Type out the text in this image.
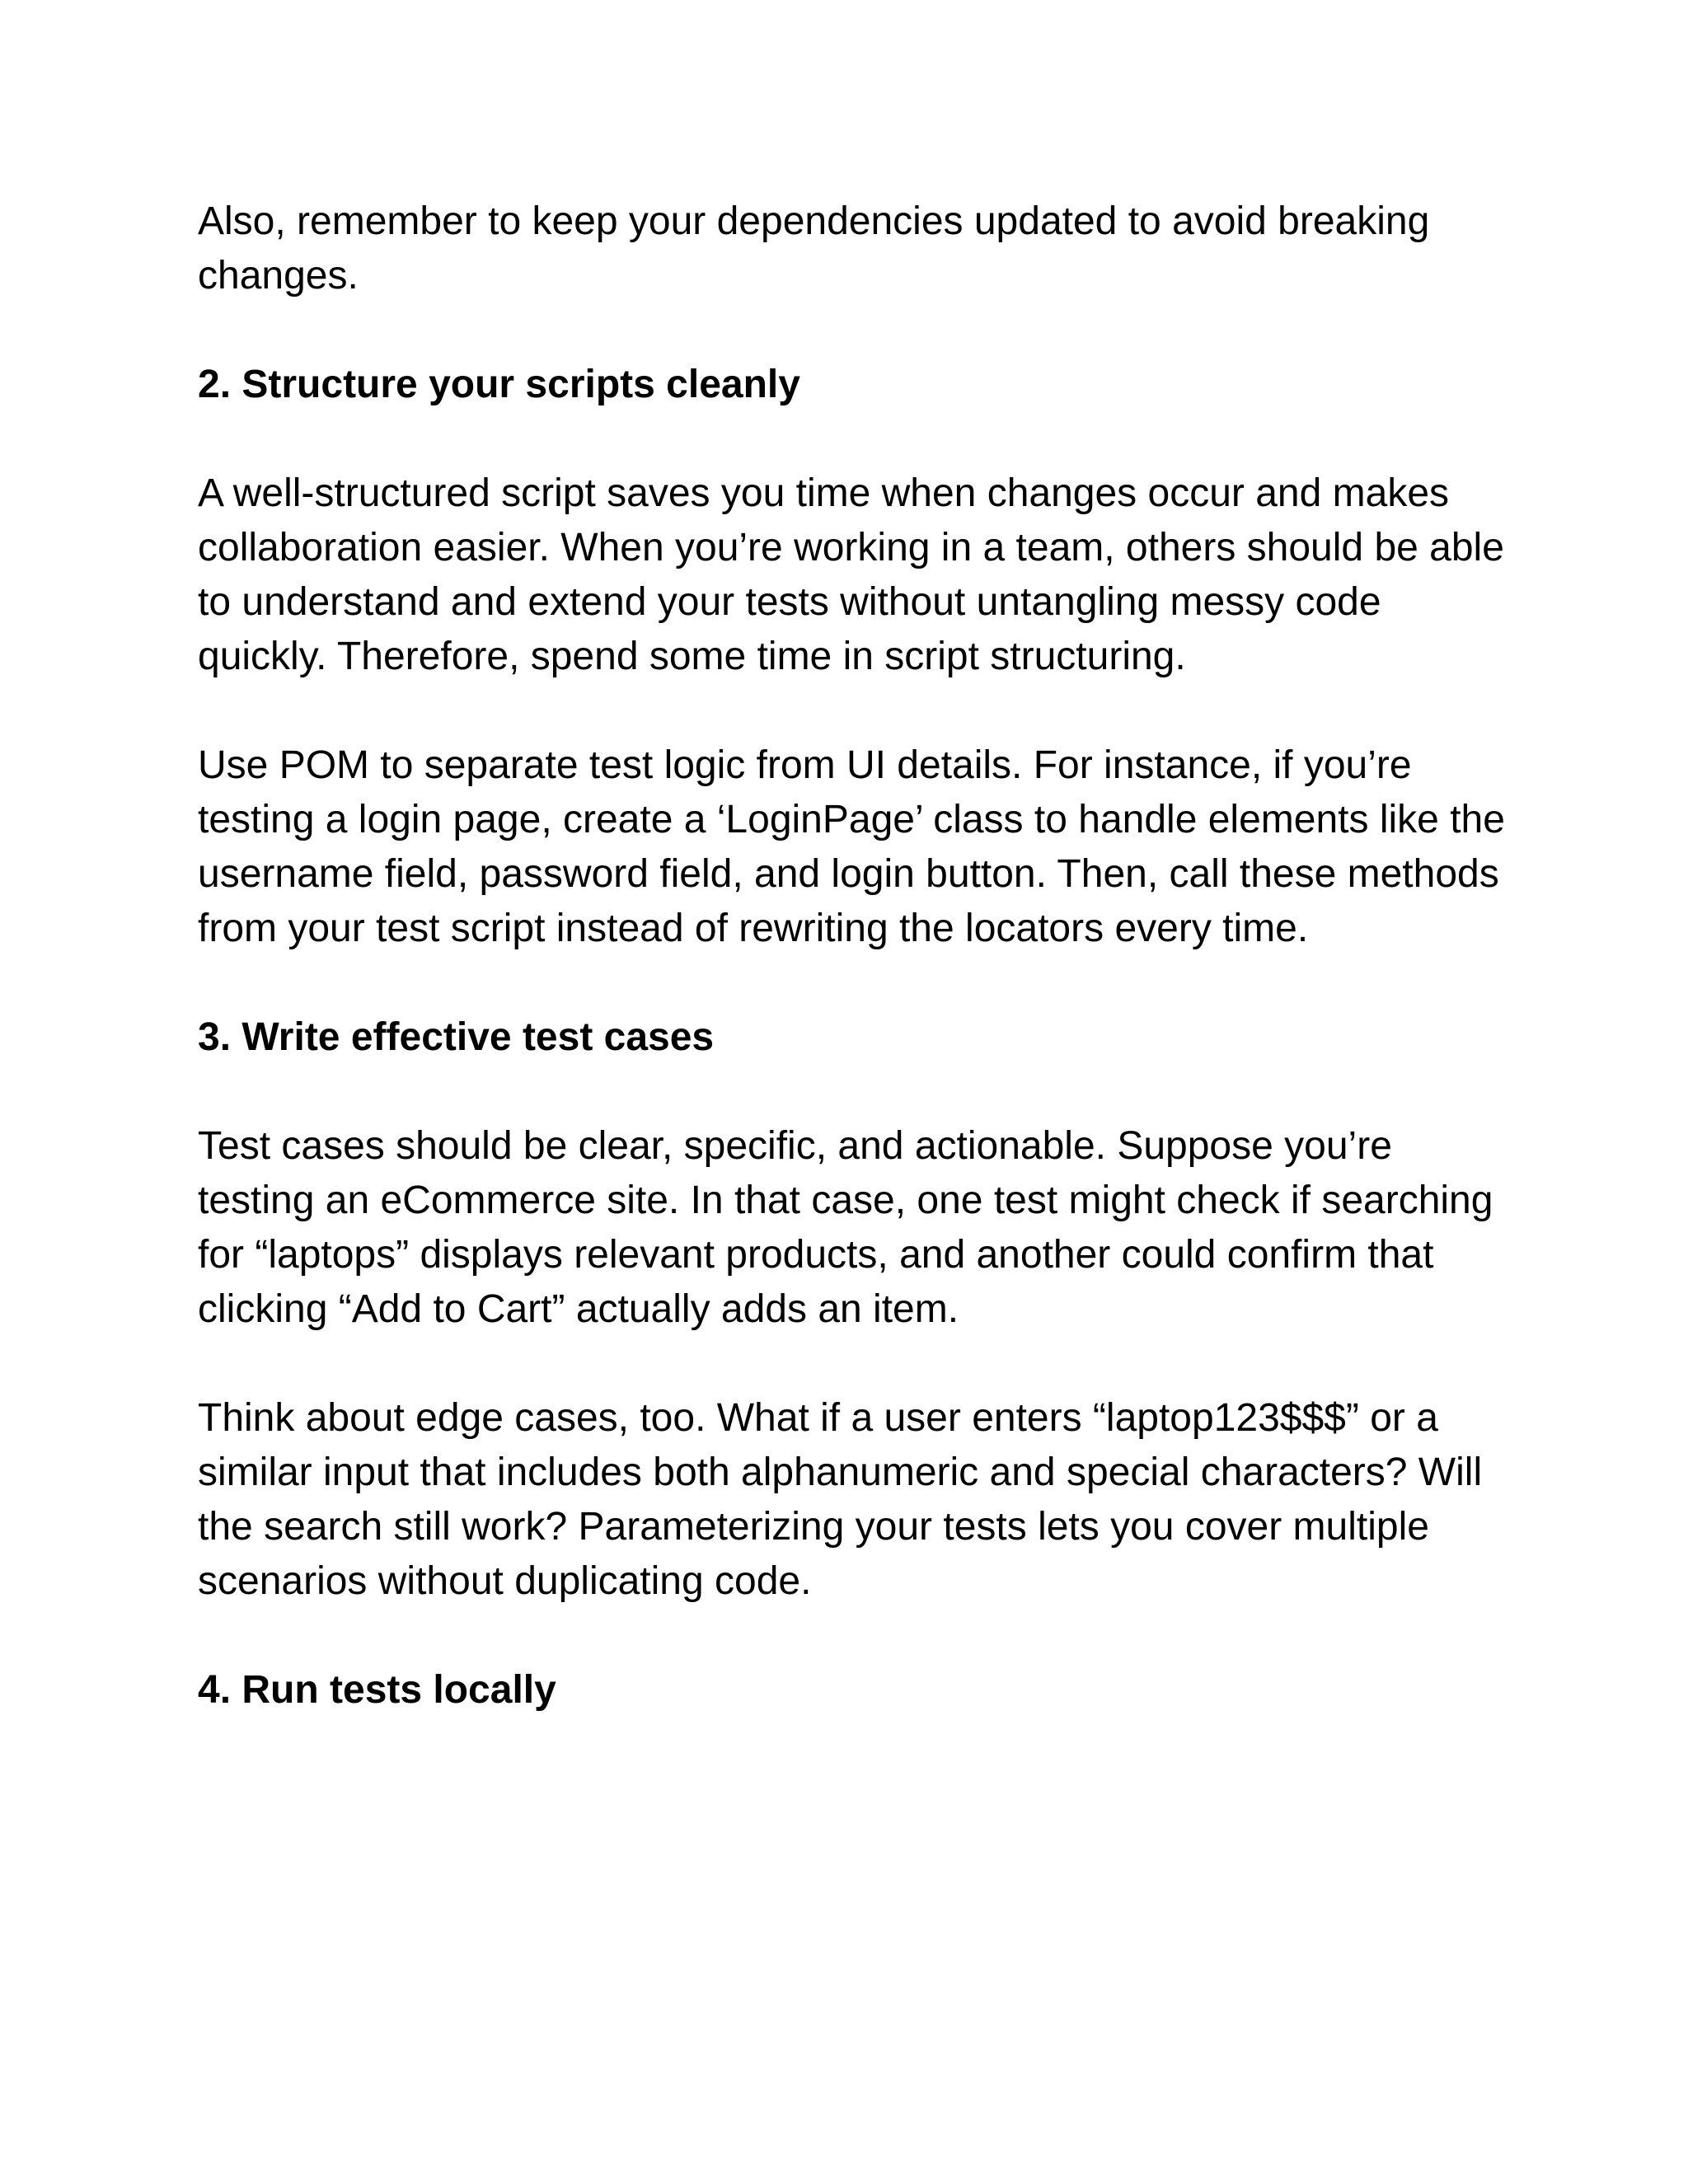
Also, remember to keep your dependencies updated to avoid breaking changes.

2. Structure your scripts cleanly

A well-structured script saves you time when changes occur and makes collaboration easier. When you’re working in a team, others should be able to understand and extend your tests without untangling messy code quickly. Therefore, spend some time in script structuring.

Use POM to separate test logic from UI details. For instance, if you’re testing a login page, create a ‘LoginPage’ class to handle elements like the username field, password field, and login button. Then, call these methods from your test script instead of rewriting the locators every time.

3. Write effective test cases

Test cases should be clear, specific, and actionable. Suppose you’re testing an eCommerce site. In that case, one test might check if searching for “laptops” displays relevant products, and another could confirm that clicking “Add to Cart” actually adds an item.

Think about edge cases, too. What if a user enters “laptop123$$$” or a similar input that includes both alphanumeric and special characters? Will the search still work? Parameterizing your tests lets you cover multiple scenarios without duplicating code.

4. Run tests locally
